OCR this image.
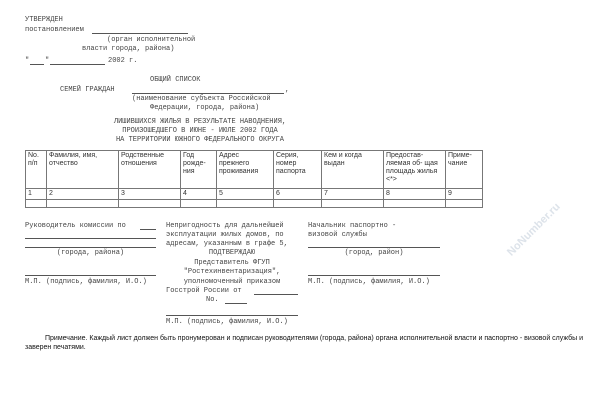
NoNumber.ru
УТВЕРЖДЕН
постановлением
(орган исполнительной
власти города, района)
" "	2002 г.
ОБЩИЙ СПИСОК
СЕМЕЙ ГРАЖДАН	,
(наименование субъекта Российской
Федерации, города, района)
ЛИШИВШИХСЯ ЖИЛЬЯ В РЕЗУЛЬТАТЕ НАВОДНЕНИЯ,
ПРОИЗОШЕДШЕГО В ИЮНЕ - ИЮЛЕ 2002 ГОДА
НА ТЕРРИТОРИИ ЮЖНОГО ФЕДЕРАЛЬНОГО ОКРУГА
No. п/п	Фамилия, имя, отчество	Родственные отношения	Год рожде- ния	Адрес прежнего проживания	Серия, номер паспорта	Кем и когда выдан	Предостав- ляемая об- щая площадь жилья <*>	Приме- чание
1	2	3	4	5	6	7	8	9

Руководитель комиссии по
(города, района)
М.П. (подпись, фамилия, И.О.)
Непригодность для дальнейшей
эксплуатации жилых домов, по
адресам, указанным в графе 5,
ПОДТВЕРЖДАЮ
Представитель ФГУП
"Ростехинвентаризация",
уполномоченный приказом
Госстрой России от
No.
М.П. (подпись, фамилия, И.О.)
Начальник паспортно -
визовой службы
(город, район)
М.П. (подпись, фамилия, И.О.)
Примечание. Каждый лист должен быть пронумерован и подписан руководителями (города, района) органа исполнительной власти и паспортно - визовой службы и заверен печатями.
